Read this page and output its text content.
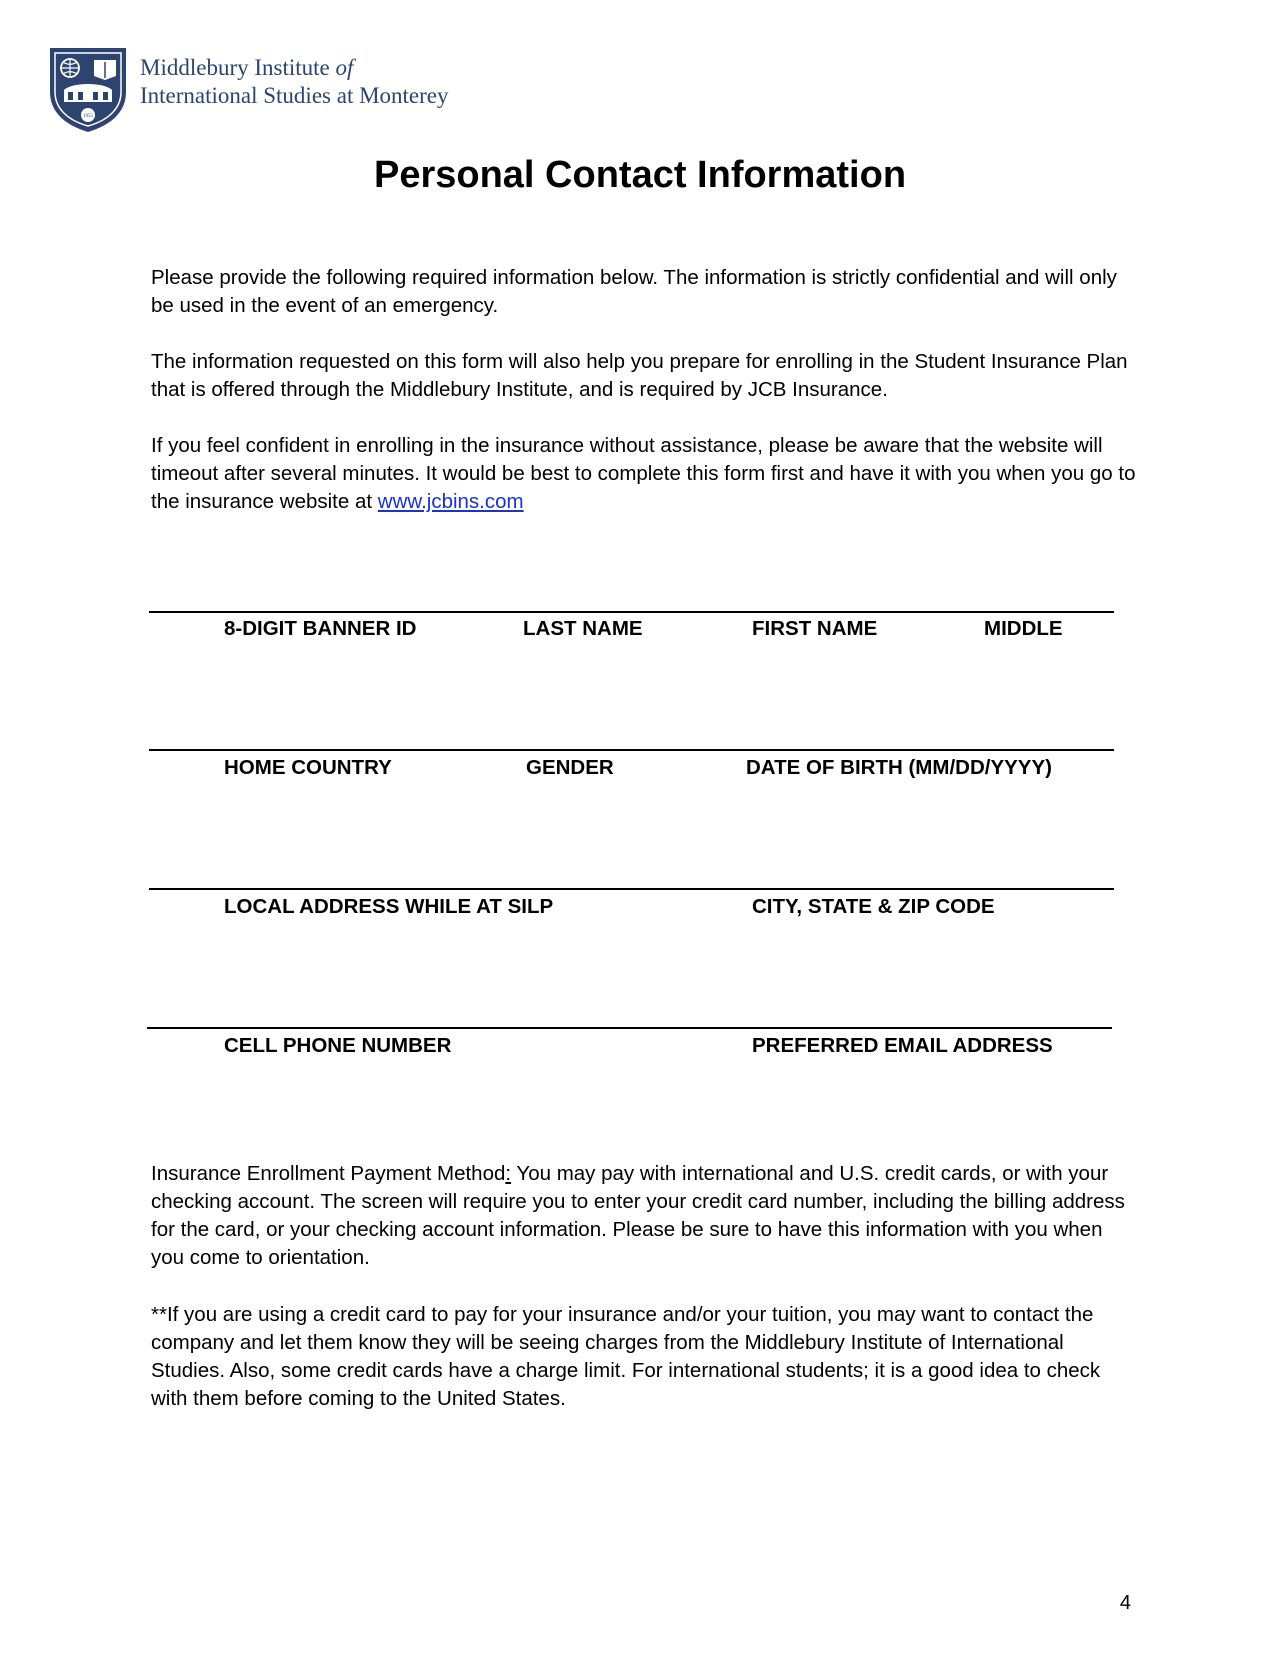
1955
Middlebury Institute of
International Studies at Monterey
Personal Contact Information

Please provide the following required information below. The information is strictly confidential and will only be used in the event of an emergency.

The information requested on this form will also help you prepare for enrolling in the Student Insurance Plan that is offered through the Middlebury Institute, and is required by JCB Insurance.

If you feel confident in enrolling in the insurance without assistance, please be aware that the website will timeout after several minutes. It would be best to complete this form first and have it with you when you go to the insurance website at www.jcbins.com

8-DIGIT BANNER ID	LAST NAME	FIRST NAME	MIDDLE
HOME COUNTRY	GENDER	DATE OF BIRTH (MM/DD/YYYY)
LOCAL ADDRESS WHILE AT SILP	CITY, STATE & ZIP CODE
CELL PHONE NUMBER	PREFERRED EMAIL ADDRESS

Insurance Enrollment Payment Method: You may pay with international and U.S. credit cards, or with your checking account. The screen will require you to enter your credit card number, including the billing address for the card, or your checking account information. Please be sure to have this information with you when you come to orientation.

**If you are using a credit card to pay for your insurance and/or your tuition, you may want to contact the company and let them know they will be seeing charges from the Middlebury Institute of International Studies. Also, some credit cards have a charge limit. For international students; it is a good idea to check with them before coming to the United States.

4
